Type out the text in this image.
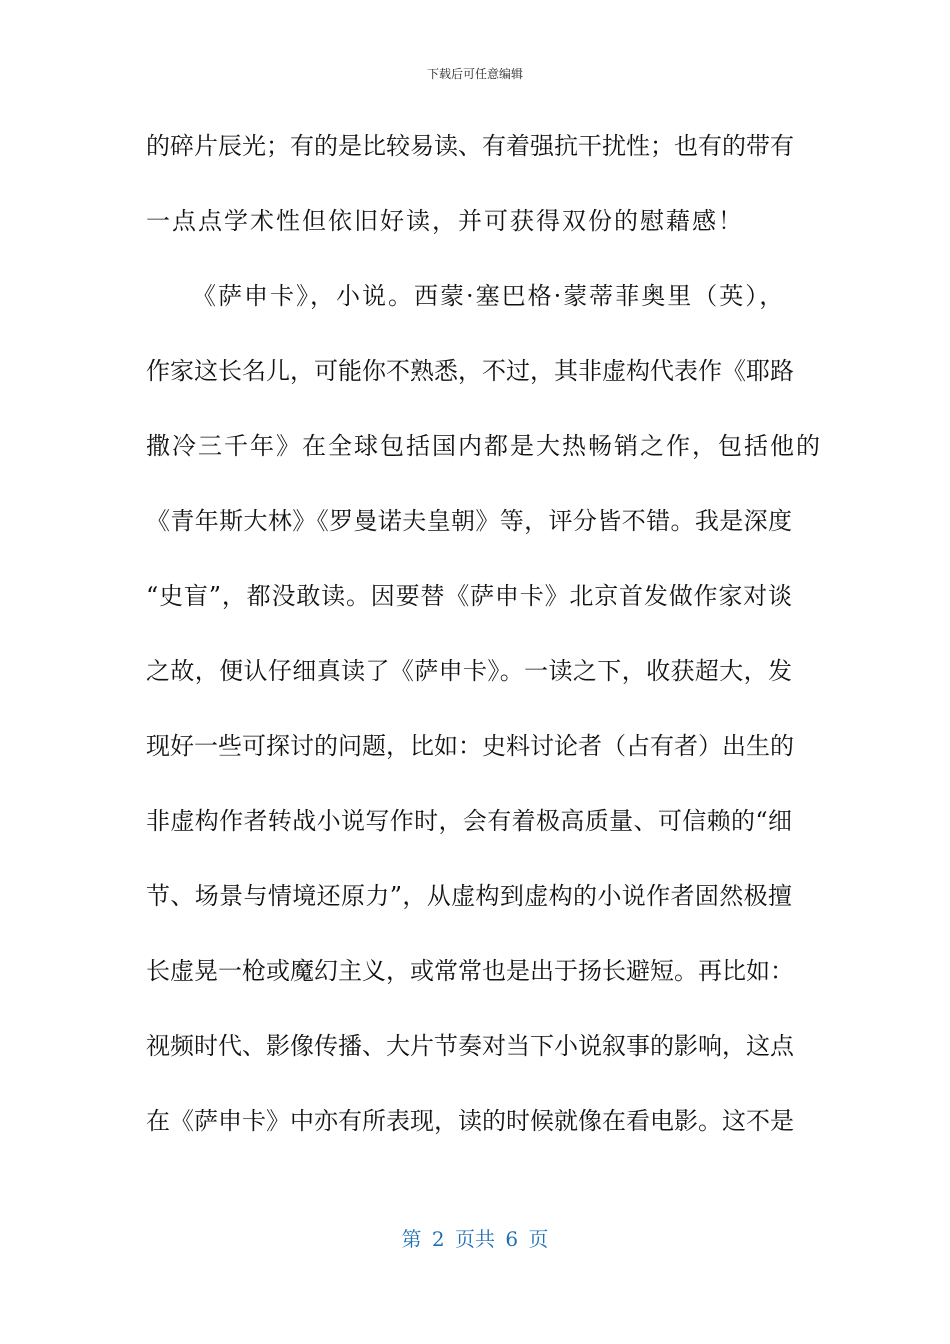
下载后可任意编辑
的碎片辰光；有的是比较易读、有着强抗干扰性；也有的带有
一点点学术性但依旧好读，并可获得双份的慰藉感！
《萨申卡》，小说。西蒙·塞巴格·蒙蒂菲奥里（英），
作家这长名儿，可能你不熟悉，不过，其非虚构代表作《耶路
撒冷三千年》在全球包括国内都是大热畅销之作，包括他的
《青年斯大林》《罗曼诺夫皇朝》等，评分皆不错。我是深度
“史盲”，都没敢读。因要替《萨申卡》北京首发做作家对谈
之故，便认仔细真读了《萨申卡》。一读之下，收获超大，发
现好一些可探讨的问题，比如：史料讨论者（占有者）出生的
非虚构作者转战小说写作时，会有着极高质量、可信赖的“细
节、场景与情境还原力”，从虚构到虚构的小说作者固然极擅
长虚晃一枪或魔幻主义，或常常也是出于扬长避短。再比如：
视频时代、影像传播、大片节奏对当下小说叙事的影响，这点
在《萨申卡》中亦有所表现，读的时候就像在看电影。这不是
第 2 页共 6 页
